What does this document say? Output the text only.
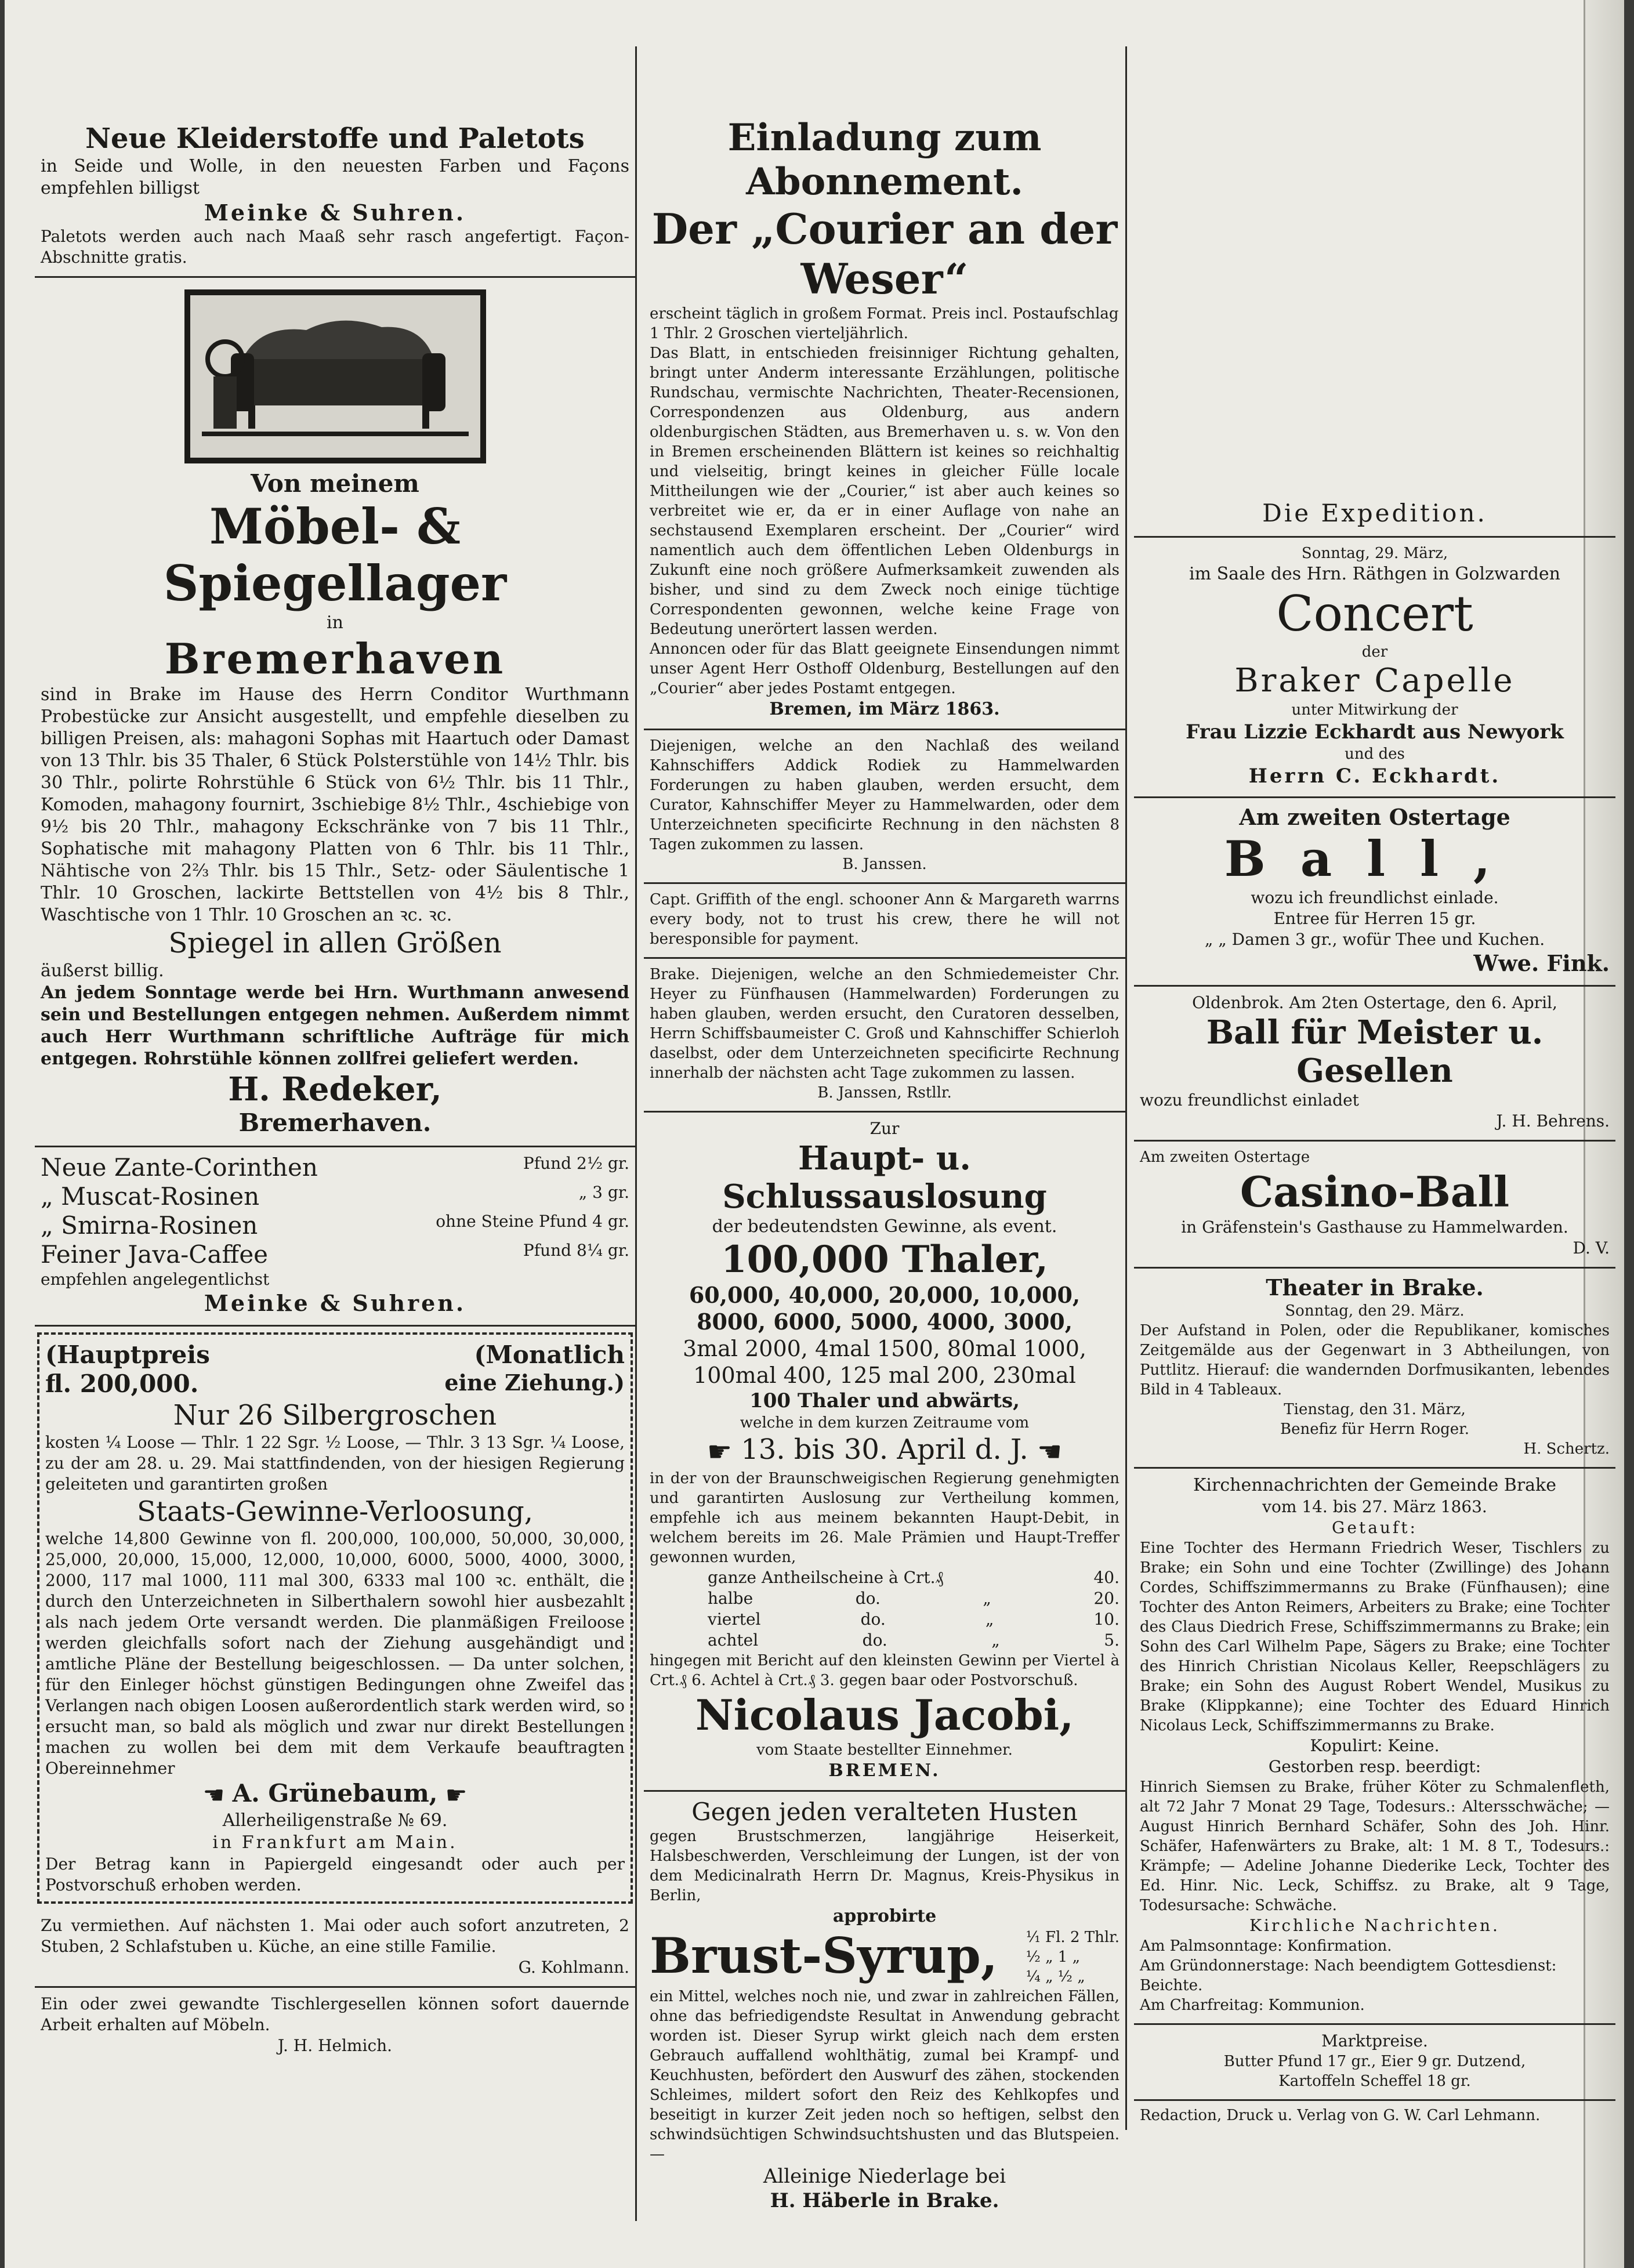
Neue Kleiderstoffe und Paletots
in Seide und Wolle, in den neuesten Farben und Façons empfehlen billigst
Meinke & Suhren.
Paletots werden auch nach Maaß sehr rasch angefertigt. Façon-Abschnitte gratis.
Von meinem
Möbel- & Spiegellager
in
Bremerhaven
sind in Brake im Hause des Herrn Conditor Wurthmann Probestücke zur Ansicht ausgestellt, und empfehle dieselben zu billigen Preisen, als: mahagoni Sophas mit Haartuch oder Damast von 13 Thlr. bis 35 Thaler, 6 Stück Polsterstühle von 14½ Thlr. bis 30 Thlr., polirte Rohrstühle 6 Stück von 6½ Thlr. bis 11 Thlr., Komoden, mahagony fournirt, 3schiebige 8½ Thlr., 4schiebige von 9½ bis 20 Thlr., mahagony Eckschränke von 7 bis 11 Thlr., Sophatische mit mahagony Platten von 6 Thlr. bis 11 Thlr., Nähtische von 2⅔ Thlr. bis 15 Thlr., Setz- oder Säulentische 1 Thlr. 10 Groschen, lackirte Bettstellen von 4½ bis 8 Thlr., Waschtische von 1 Thlr. 10 Groschen an ꝛc. ꝛc.
Spiegel in allen Größen
äußerst billig.
An jedem Sonntage werde bei Hrn. Wurthmann anwesend sein und Bestellungen entgegen nehmen. Außerdem nimmt auch Herr Wurthmann schriftliche Aufträge für mich entgegen. Rohrstühle können zollfrei geliefert werden.
H. Redeker,
Bremerhaven.
Neue Zante-Corinthen	Pfund 2½ gr.
„ Muscat-Rosinen	„ 3 gr.
„ Smirna-Rosinen	ohne Steine Pfund 4 gr.
Feiner Java-Caffee	Pfund 8¼ gr.
empfehlen angelegentlichst
Meinke & Suhren.
(Hauptpreis	(Monatlich
fl. 200,000.	eine Ziehung.)
Nur 26 Silbergroschen
kosten ¼ Loose — Thlr. 1 22 Sgr. ½ Loose, — Thlr. 3 13 Sgr. ¼ Loose, zu der am 28. u. 29. Mai stattfindenden, von der hiesigen Regierung geleiteten und garantirten großen
Staats-Gewinne-Verloosung,
welche 14,800 Gewinne von fl. 200,000, 100,000, 50,000, 30,000, 25,000, 20,000, 15,000, 12,000, 10,000, 6000, 5000, 4000, 3000, 2000, 117 mal 1000, 111 mal 300, 6333 mal 100 ꝛc. enthält, die durch den Unterzeichneten in Silberthalern sowohl hier ausbezahlt als nach jedem Orte versandt werden. Die planmäßigen Freiloose werden gleichfalls sofort nach der Ziehung ausgehändigt und amtliche Pläne der Bestellung beigeschlossen. — Da unter solchen, für den Einleger höchst günstigen Bedingungen ohne Zweifel das Verlangen nach obigen Loosen außerordentlich stark werden wird, so ersucht man, so bald als möglich und zwar nur direkt Bestellungen machen zu wollen bei dem mit dem Verkaufe beauftragten Obereinnehmer
☚ A. Grünebaum, ☛
Allerheiligenstraße № 69.
in Frankfurt am Main.
Der Betrag kann in Papiergeld eingesandt oder auch per Postvorschuß erhoben werden.
Zu vermiethen. Auf nächsten 1. Mai oder auch sofort anzutreten, 2 Stuben, 2 Schlafstuben u. Küche, an eine stille Familie.
G. Kohlmann.
Ein oder zwei gewandte Tischlergesellen können sofort dauernde Arbeit erhalten auf Möbeln.
J. H. Helmich.
Einladung zum Abonnement.
Der „Courier an der Weser“
erscheint täglich in großem Format. Preis incl. Postaufschlag 1 Thlr. 2 Groschen vierteljährlich.
Das Blatt, in entschieden freisinniger Richtung gehalten, bringt unter Anderm interessante Erzählungen, politische Rundschau, vermischte Nachrichten, Theater-Recensionen, Correspondenzen aus Oldenburg, aus andern oldenburgischen Städten, aus Bremerhaven u. s. w. Von den in Bremen erscheinenden Blättern ist keines so reichhaltig und vielseitig, bringt keines in gleicher Fülle locale Mittheilungen wie der „Courier,“ ist aber auch keines so verbreitet wie er, da er in einer Auflage von nahe an sechstausend Exemplaren erscheint. Der „Courier“ wird namentlich auch dem öffentlichen Leben Oldenburgs in Zukunft eine noch größere Aufmerksamkeit zuwenden als bisher, und sind zu dem Zweck noch einige tüchtige Correspondenten gewonnen, welche keine Frage von Bedeutung unerörtert lassen werden.
Annoncen oder für das Blatt geeignete Einsendungen nimmt unser Agent Herr Osthoff Oldenburg, Bestellungen auf den „Courier“ aber jedes Postamt entgegen.
Bremen, im März 1863.
Diejenigen, welche an den Nachlaß des weiland Kahnschiffers Addick Rodiek zu Hammelwarden Forderungen zu haben glauben, werden ersucht, dem Curator, Kahnschiffer Meyer zu Hammelwarden, oder dem Unterzeichneten specificirte Rechnung in den nächsten 8 Tagen zukommen zu lassen.
B. Janssen.
Capt. Griffith of the engl. schooner Ann & Margareth warrns every body, not to trust his crew, there he will not beresponsible for payment.
Brake. Diejenigen, welche an den Schmiedemeister Chr. Heyer zu Fünfhausen (Hammelwarden) Forderungen zu haben glauben, werden ersucht, den Curatoren desselben, Herrn Schiffsbaumeister C. Groß und Kahnschiffer Schierloh daselbst, oder dem Unterzeichneten specificirte Rechnung innerhalb der nächsten acht Tage zukommen zu lassen.
B. Janssen, Rstllr.
Zur
Haupt- u. Schlussauslosung
der bedeutendsten Gewinne, als event.
100,000 Thaler,
60,000, 40,000, 20,000, 10,000,
8000, 6000, 5000, 4000, 3000,
3mal 2000, 4mal 1500, 80mal 1000,
100mal 400, 125 mal 200, 230mal
100 Thaler und abwärts,
welche in dem kurzen Zeitraume vom
☛ 13. bis 30. April d. J. ☚
in der von der Braunschweigischen Regierung genehmigten und garantirten Auslosung zur Vertheilung kommen, empfehle ich aus meinem bekannten Haupt-Debit, in welchem bereits im 26. Male Prämien und Haupt-Treffer gewonnen wurden,
ganze Antheilscheine à Crt.₰	40.
halbe	do.	„	20.
viertel	do.	„	10.
achtel	do.	„	5.
hingegen mit Bericht auf den kleinsten Gewinn per Viertel à Crt.₰ 6. Achtel à Crt.₰ 3. gegen baar oder Postvorschuß.
Nicolaus Jacobi,
vom Staate bestellter Einnehmer.
BREMEN.
Gegen jeden veralteten Husten
gegen Brustschmerzen, langjährige Heiserkeit, Halsbeschwerden, Verschleimung der Lungen, ist der von dem Medicinalrath Herrn Dr. Magnus, Kreis-Physikus in Berlin,
approbirte
Brust-Syrup, ¹⁄₁ Fl. 2 Thlr.
½ „ 1 „
¼ „ ½ „
ein Mittel, welches noch nie, und zwar in zahlreichen Fällen, ohne das befriedigendste Resultat in Anwendung gebracht worden ist. Dieser Syrup wirkt gleich nach dem ersten Gebrauch auffallend wohlthätig, zumal bei Krampf- und Keuchhusten, befördert den Auswurf des zähen, stockenden Schleimes, mildert sofort den Reiz des Kehlkopfes und beseitigt in kurzer Zeit jeden noch so heftigen, selbst den schwindsüchtigen Schwindsuchtshusten und das Blutspeien. —
Alleinige Niederlage bei
H. Häberle in Brake.
Die Expedition.
Sonntag, 29. März,
im Saale des Hrn. Räthgen in Golzwarden
Concert
der
Braker Capelle
unter Mitwirkung der
Frau Lizzie Eckhardt aus Newyork
und des
Herrn C. Eckhardt.
Am zweiten Ostertage
Ball,
wozu ich freundlichst einlade.
Entree für Herren 15 gr.
„ „ Damen 3 gr., wofür Thee und Kuchen.
Wwe. Fink.
Oldenbrok. Am 2ten Ostertage, den 6. April,
Ball für Meister u. Gesellen
wozu freundlichst einladet
J. H. Behrens.
Am zweiten Ostertage
Casino-Ball
in Gräfenstein's Gasthause zu Hammelwarden.
D. V.
Theater in Brake.
Sonntag, den 29. März.
Der Aufstand in Polen, oder die Republikaner, komisches Zeitgemälde aus der Gegenwart in 3 Abtheilungen, von Puttlitz. Hierauf: die wandernden Dorfmusikanten, lebendes Bild in 4 Tableaux.
Tienstag, den 31. März,
Benefiz für Herrn Roger.
H. Schertz.
Kirchennachrichten der Gemeinde Brake
vom 14. bis 27. März 1863.
Getauft:
Eine Tochter des Hermann Friedrich Weser, Tischlers zu Brake; ein Sohn und eine Tochter (Zwillinge) des Johann Cordes, Schiffszimmermanns zu Brake (Fünfhausen); eine Tochter des Anton Reimers, Arbeiters zu Brake; eine Tochter des Claus Diedrich Frese, Schiffszimmermanns zu Brake; ein Sohn des Carl Wilhelm Pape, Sägers zu Brake; eine Tochter des Hinrich Christian Nicolaus Keller, Reepschlägers zu Brake; ein Sohn des August Robert Wendel, Musikus zu Brake (Klippkanne); eine Tochter des Eduard Hinrich Nicolaus Leck, Schiffszimmermanns zu Brake.
Kopulirt: Keine.
Gestorben resp. beerdigt:
Hinrich Siemsen zu Brake, früher Köter zu Schmalenfleth, alt 72 Jahr 7 Monat 29 Tage, Todesurs.: Altersschwäche; — August Hinrich Bernhard Schäfer, Sohn des Joh. Hinr. Schäfer, Hafenwärters zu Brake, alt: 1 M. 8 T., Todesurs.: Krämpfe; — Adeline Johanne Diederike Leck, Tochter des Ed. Hinr. Nic. Leck, Schiffsz. zu Brake, alt 9 Tage, Todesursache: Schwäche.
Kirchliche Nachrichten.
Am Palmsonntage: Konfirmation.
Am Gründonnerstage: Nach beendigtem Gottesdienst: Beichte.
Am Charfreitag: Kommunion.
Marktpreise.
Butter Pfund 17 gr., Eier 9 gr. Dutzend,
Kartoffeln Scheffel 18 gr.
Redaction, Druck u. Verlag von G. W. Carl Lehmann.
